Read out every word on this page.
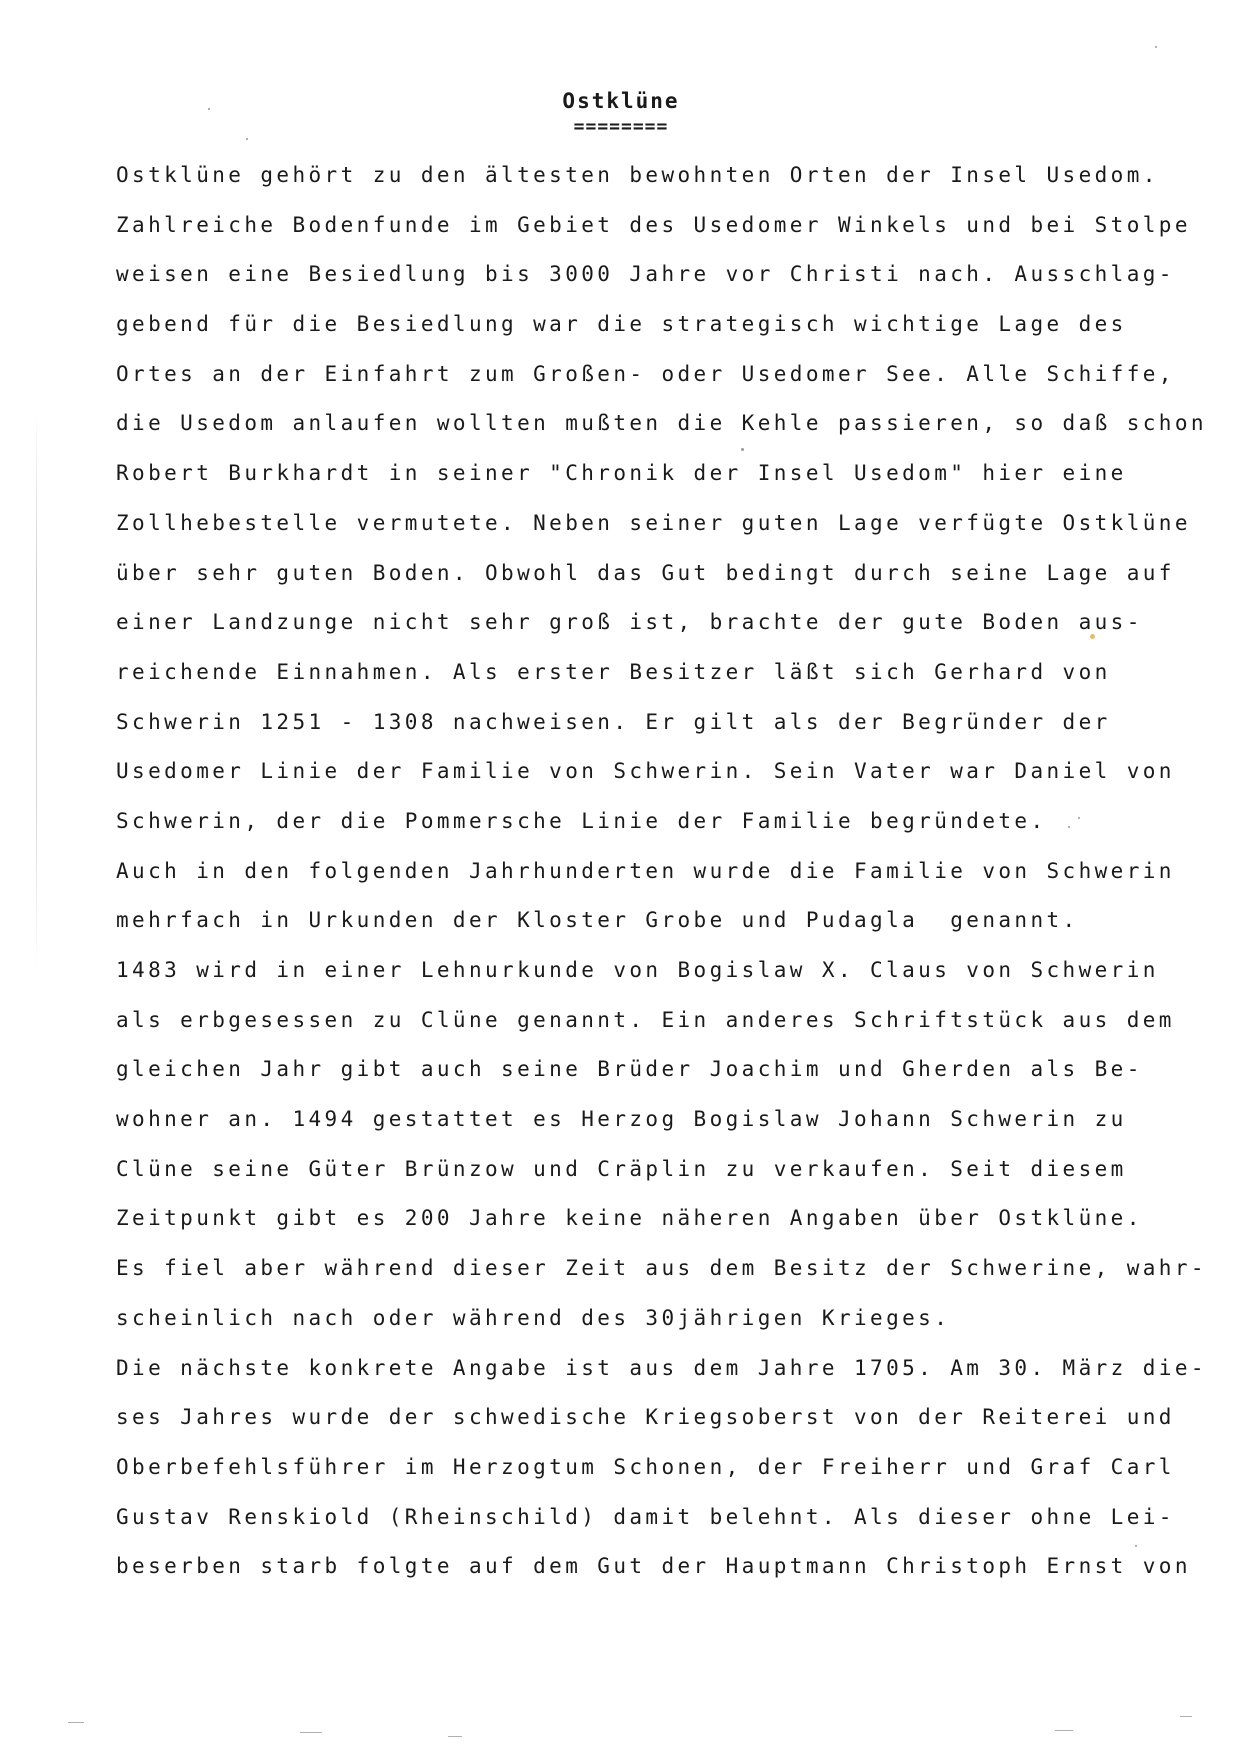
Ostklüne
========
Ostklüne gehört zu den ältesten bewohnten Orten der Insel Usedom.
Zahlreiche Bodenfunde im Gebiet des Usedomer Winkels und bei Stolpe
weisen eine Besiedlung bis 3000 Jahre vor Christi nach. Ausschlag-
gebend für die Besiedlung war die strategisch wichtige Lage des
Ortes an der Einfahrt zum Großen- oder Usedomer See. Alle Schiffe,
die Usedom anlaufen wollten mußten die Kehle passieren, so daß schon
Robert Burkhardt in seiner "Chronik der Insel Usedom" hier eine
Zollhebestelle vermutete. Neben seiner guten Lage verfügte Ostklüne
über sehr guten Boden. Obwohl das Gut bedingt durch seine Lage auf
einer Landzunge nicht sehr groß ist, brachte der gute Boden aus-
reichende Einnahmen. Als erster Besitzer läßt sich Gerhard von
Schwerin 1251 - 1308 nachweisen. Er gilt als der Begründer der
Usedomer Linie der Familie von Schwerin. Sein Vater war Daniel von
Schwerin, der die Pommersche Linie der Familie begründete.
Auch in den folgenden Jahrhunderten wurde die Familie von Schwerin
mehrfach in Urkunden der Kloster Grobe und Pudagla  genannt.
1483 wird in einer Lehnurkunde von Bogislaw X. Claus von Schwerin
als erbgesessen zu Clüne genannt. Ein anderes Schriftstück aus dem
gleichen Jahr gibt auch seine Brüder Joachim und Gherden als Be-
wohner an. 1494 gestattet es Herzog Bogislaw Johann Schwerin zu
Clüne seine Güter Brünzow und Cräplin zu verkaufen. Seit diesem
Zeitpunkt gibt es 200 Jahre keine näheren Angaben über Ostklüne.
Es fiel aber während dieser Zeit aus dem Besitz der Schwerine, wahr-
scheinlich nach oder während des 30jährigen Krieges.
Die nächste konkrete Angabe ist aus dem Jahre 1705. Am 30. März die-
ses Jahres wurde der schwedische Kriegsoberst von der Reiterei und
Oberbefehlsführer im Herzogtum Schonen, der Freiherr und Graf Carl
Gustav Renskiold (Rheinschild) damit belehnt. Als dieser ohne Lei-
beserben starb folgte auf dem Gut der Hauptmann Christoph Ernst von
